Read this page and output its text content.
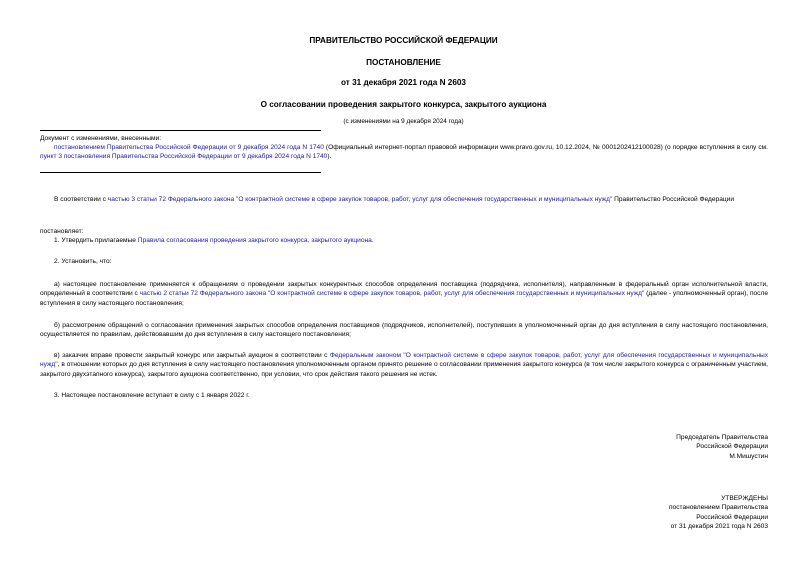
ПРАВИТЕЛЬСТВО РОССИЙСКОЙ ФЕДЕРАЦИИ
ПОСТАНОВЛЕНИЕ
от 31 декабря 2021 года N 2603
О согласовании проведения закрытого конкурса, закрытого аукциона
(с изменениями на 9 декабря 2024 года)
Документ с изменениями, внесенными:
постановлением Правительства Российской Федерации от 9 декабря 2024 года N 1740 (Официальный интернет-портал правовой информации www.pravo.gov.ru, 10.12.2024, № 0001202412100028) (о порядке вступления в силу см. пункт 3 постановления Правительства Российской Федерации от 9 декабря 2024 года N 1740).
В соответствии с частью 3 статьи 72 Федерального закона "О контрактной системе в сфере закупок товаров, работ, услуг для обеспечения государственных и муниципальных нужд" Правительство Российской Федерации
постановляет:
1. Утвердить прилагаемые Правила согласования проведения закрытого конкурса, закрытого аукциона.
2. Установить, что:
а) настоящее постановление применяется к обращениям о проведении закрытых конкурентных способов определения поставщика (подрядчика, исполнителя), направленным в федеральный орган исполнительной власти, определенный в соответствии с частью 2 статьи 72 Федерального закона "О контрактной системе в сфере закупок товаров, работ, услуг для обеспечения государственных и муниципальных нужд" (далее - уполномоченный орган), после вступления в силу настоящего постановления;
б) рассмотрение обращений о согласовании применения закрытых способов определения поставщиков (подрядчиков, исполнителей), поступивших в уполномоченный орган до дня вступления в силу настоящего постановления, осуществляется по правилам, действовавшим до дня вступления в силу настоящего постановления;
в) заказчик вправе провести закрытый конкурс или закрытый аукцион в соответствии с Федеральным законом "О контрактной системе в сфере закупок товаров, работ, услуг для обеспечения государственных и муниципальных нужд", в отношении которых до дня вступления в силу настоящего постановления уполномоченным органом принято решение о согласовании применения закрытого конкурса (в том числе закрытого конкурса с ограниченным участием, закрытого двухэтапного конкурса), закрытого аукциона соответственно, при условии, что срок действия такого решения не истек.
3. Настоящее постановление вступает в силу с 1 января 2022 г.
Председатель Правительства
Российской Федерации
М.Мишустин
УТВЕРЖДЕНЫ
постановлением Правительства
Российской Федерации
от 31 декабря 2021 года N 2603
